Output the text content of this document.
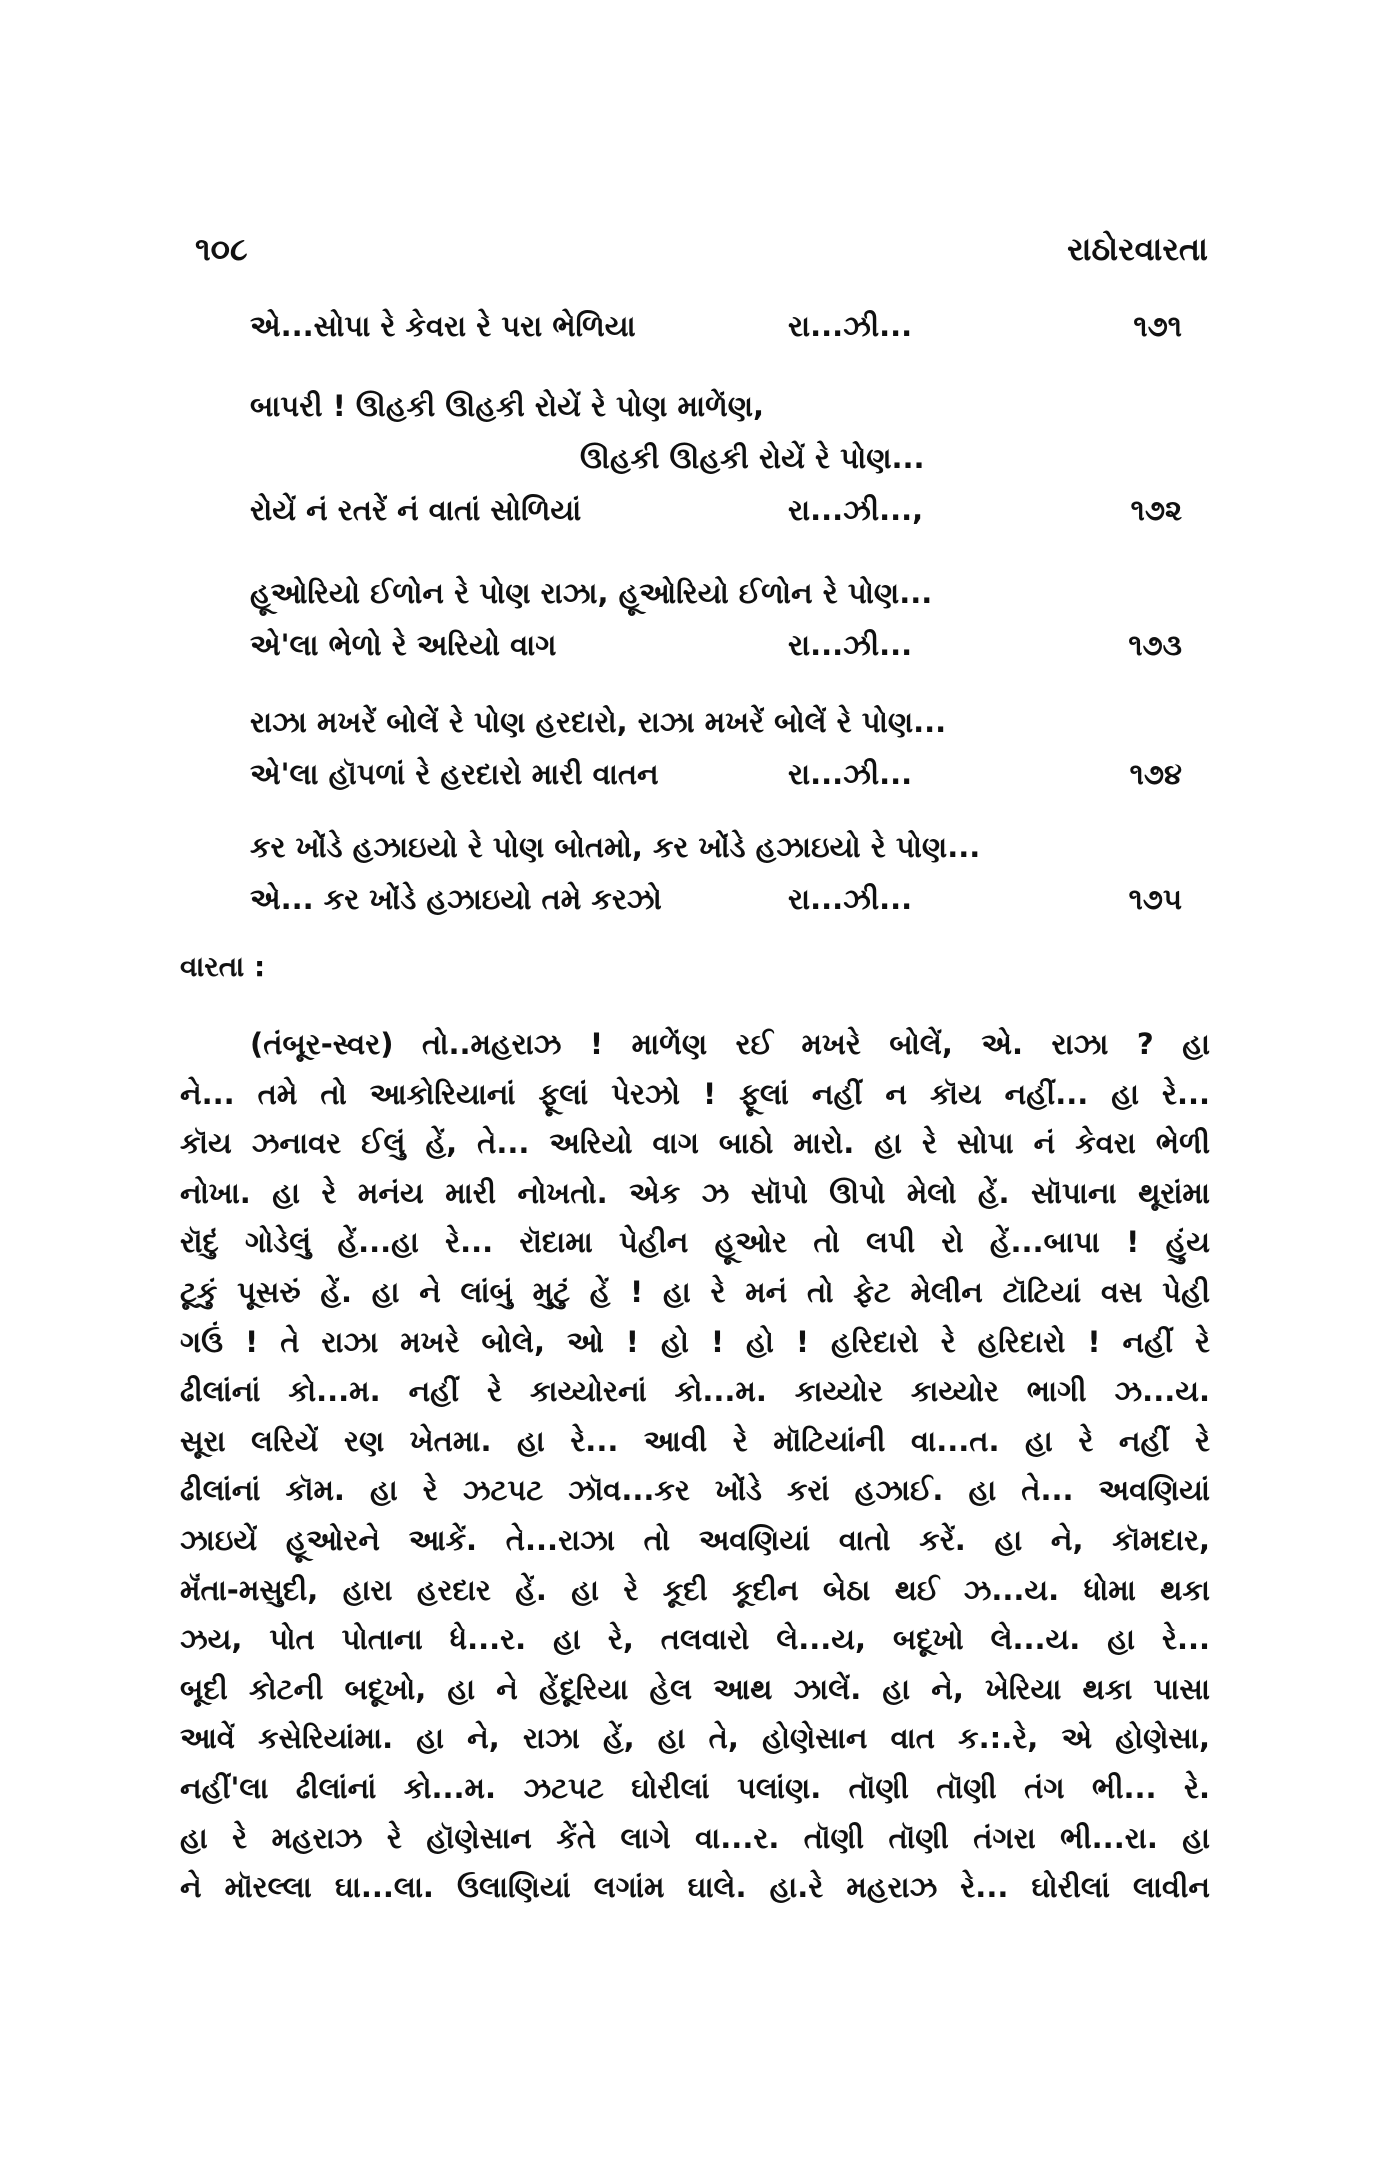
૧૦૮	રાઠોરવારતા
એ...સોપા રે કેવરા રે પરા ભેળિયા	રા...ઝી...	૧૭૧
બાપરી ! ઊહકી ઊહકી રોયેં રે પોણ માળેંણ,
ઊહકી ઊહકી રોયેં રે પોણ...
રોયેં નં રતરેં નં વાતાં સોળિયાં	રા...ઝી...,	૧૭૨
હૂઓરિયો ઈળોન રે પોણ રાઝા, હૂઓરિયો ઈળોન રે પોણ...
એ'લા ભેળો રે અરિયો વાગ	રા...ઝી...	૧૭૩
રાઝા મખરેં બોલેં રે પોણ હરદારો, રાઝા મખરેં બોલેં રે પોણ...
એ'લા હૉપળાં રે હરદારો મારી વાતન	રા...ઝી...	૧૭૪
કર ખોંડે હઝાઇયો રે પોણ બોતમો, કર ખોંડે હઝાઇયો રે પોણ...
એ... કર ખોંડે હઝાઇયો તમે કરઝો	રા...ઝી...	૧૭૫
વારતા :
(તંબૂર-સ્વર) તો..મહરાઝ ! માળેંણ રઈ મખરે બોલેં, એ. રાઝા ? હા
ને... તમે તો આકોરિયાનાં ફૂલાં પેરઝો ! ફૂલાં નહીં ન કૉય નહીં... હા રે...
કૉય ઝનાવર ઈલું હેં, તે... અરિયો વાગ બાઠો મારો. હા રે સોપા નં કેવરા ભેળી
નોખા. હા રે મનંય મારી નોખતો. એક ઝ સૉપો ઊપો મેલો હેં. સૉપાના થૂરાંમા
રૉદું ગોડેલું હેં...હા રે... રૉદામા પેહીન હૂઓર તો લપી રો હેં...બાપા ! હુંય
ટૂકું પૂસરું હેં. હા ને લાંબું મુટું હેં ! હા રે મનં તો ફેટ મેલીન ટૉટિયાં વસ પેહી
ગઉં ! તે રાઝા મખરે બોલે, ઓ ! હો ! હો ! હરિદારો રે હરિદારો ! નહીં રે
ઢીલાંનાં કો...મ. નહીં રે કાય્યોરનાં કો...મ. કાય્યોર કાય્યોર ભાગી ઝ...ય.
સૂરા લરિયેં રણ ખેતમા. હા રે... આવી રે મૉટિયાંની વા...ત. હા રે નહીં રે
ઢીલાંનાં કૉમ. હા રે ઝટપટ ઝૉવ...કર ખોંડે કરાં હઝાઈ. હા તે... અવણિયાં
ઝાઇયેં હૂઓરને આકેં. તે...રાઝા તો અવણિયાં વાતો કરેં. હા ને, કૉમદાર,
મૅંતા-મસુદી, હારા હરદાર હેં. હા રે કૂદી કૂદીન બેઠા થઈ ઝ...ય. ધોમા થકા
ઝય, પોત પોતાના ધે...ર. હા રે, તલવારો લે...ય, બદૂખો લે...ય. હા રે...
બૂદી કોટની બદૂખો, હા ને હેંદૂરિયા હેલ આથ ઝાલેં. હા ને, ખેરિયા થકા પાસા
આવેં કસેરિયાંમા. હા ને, રાઝા હેં, હા તે, હોણેસાન વાત ક.:.રે, એ હોણેસા,
નહીં'લા ઢીલાંનાં કો...મ. ઝટપટ ઘોરીલાં પલાંણ. તૉણી તૉણી તંગ ભી... રે.
હા રે મહરાઝ રે હૉણેસાન કેંતે લાગે વા...ર. તૉણી તૉણી તંગરા ભી...રા. હા
ને મૉરલ્લા ઘા...લા. ઉલાણિયાં લગાંમ ઘાલે. હા.રે મહરાઝ રે... ઘોરીલાં લાવીન
